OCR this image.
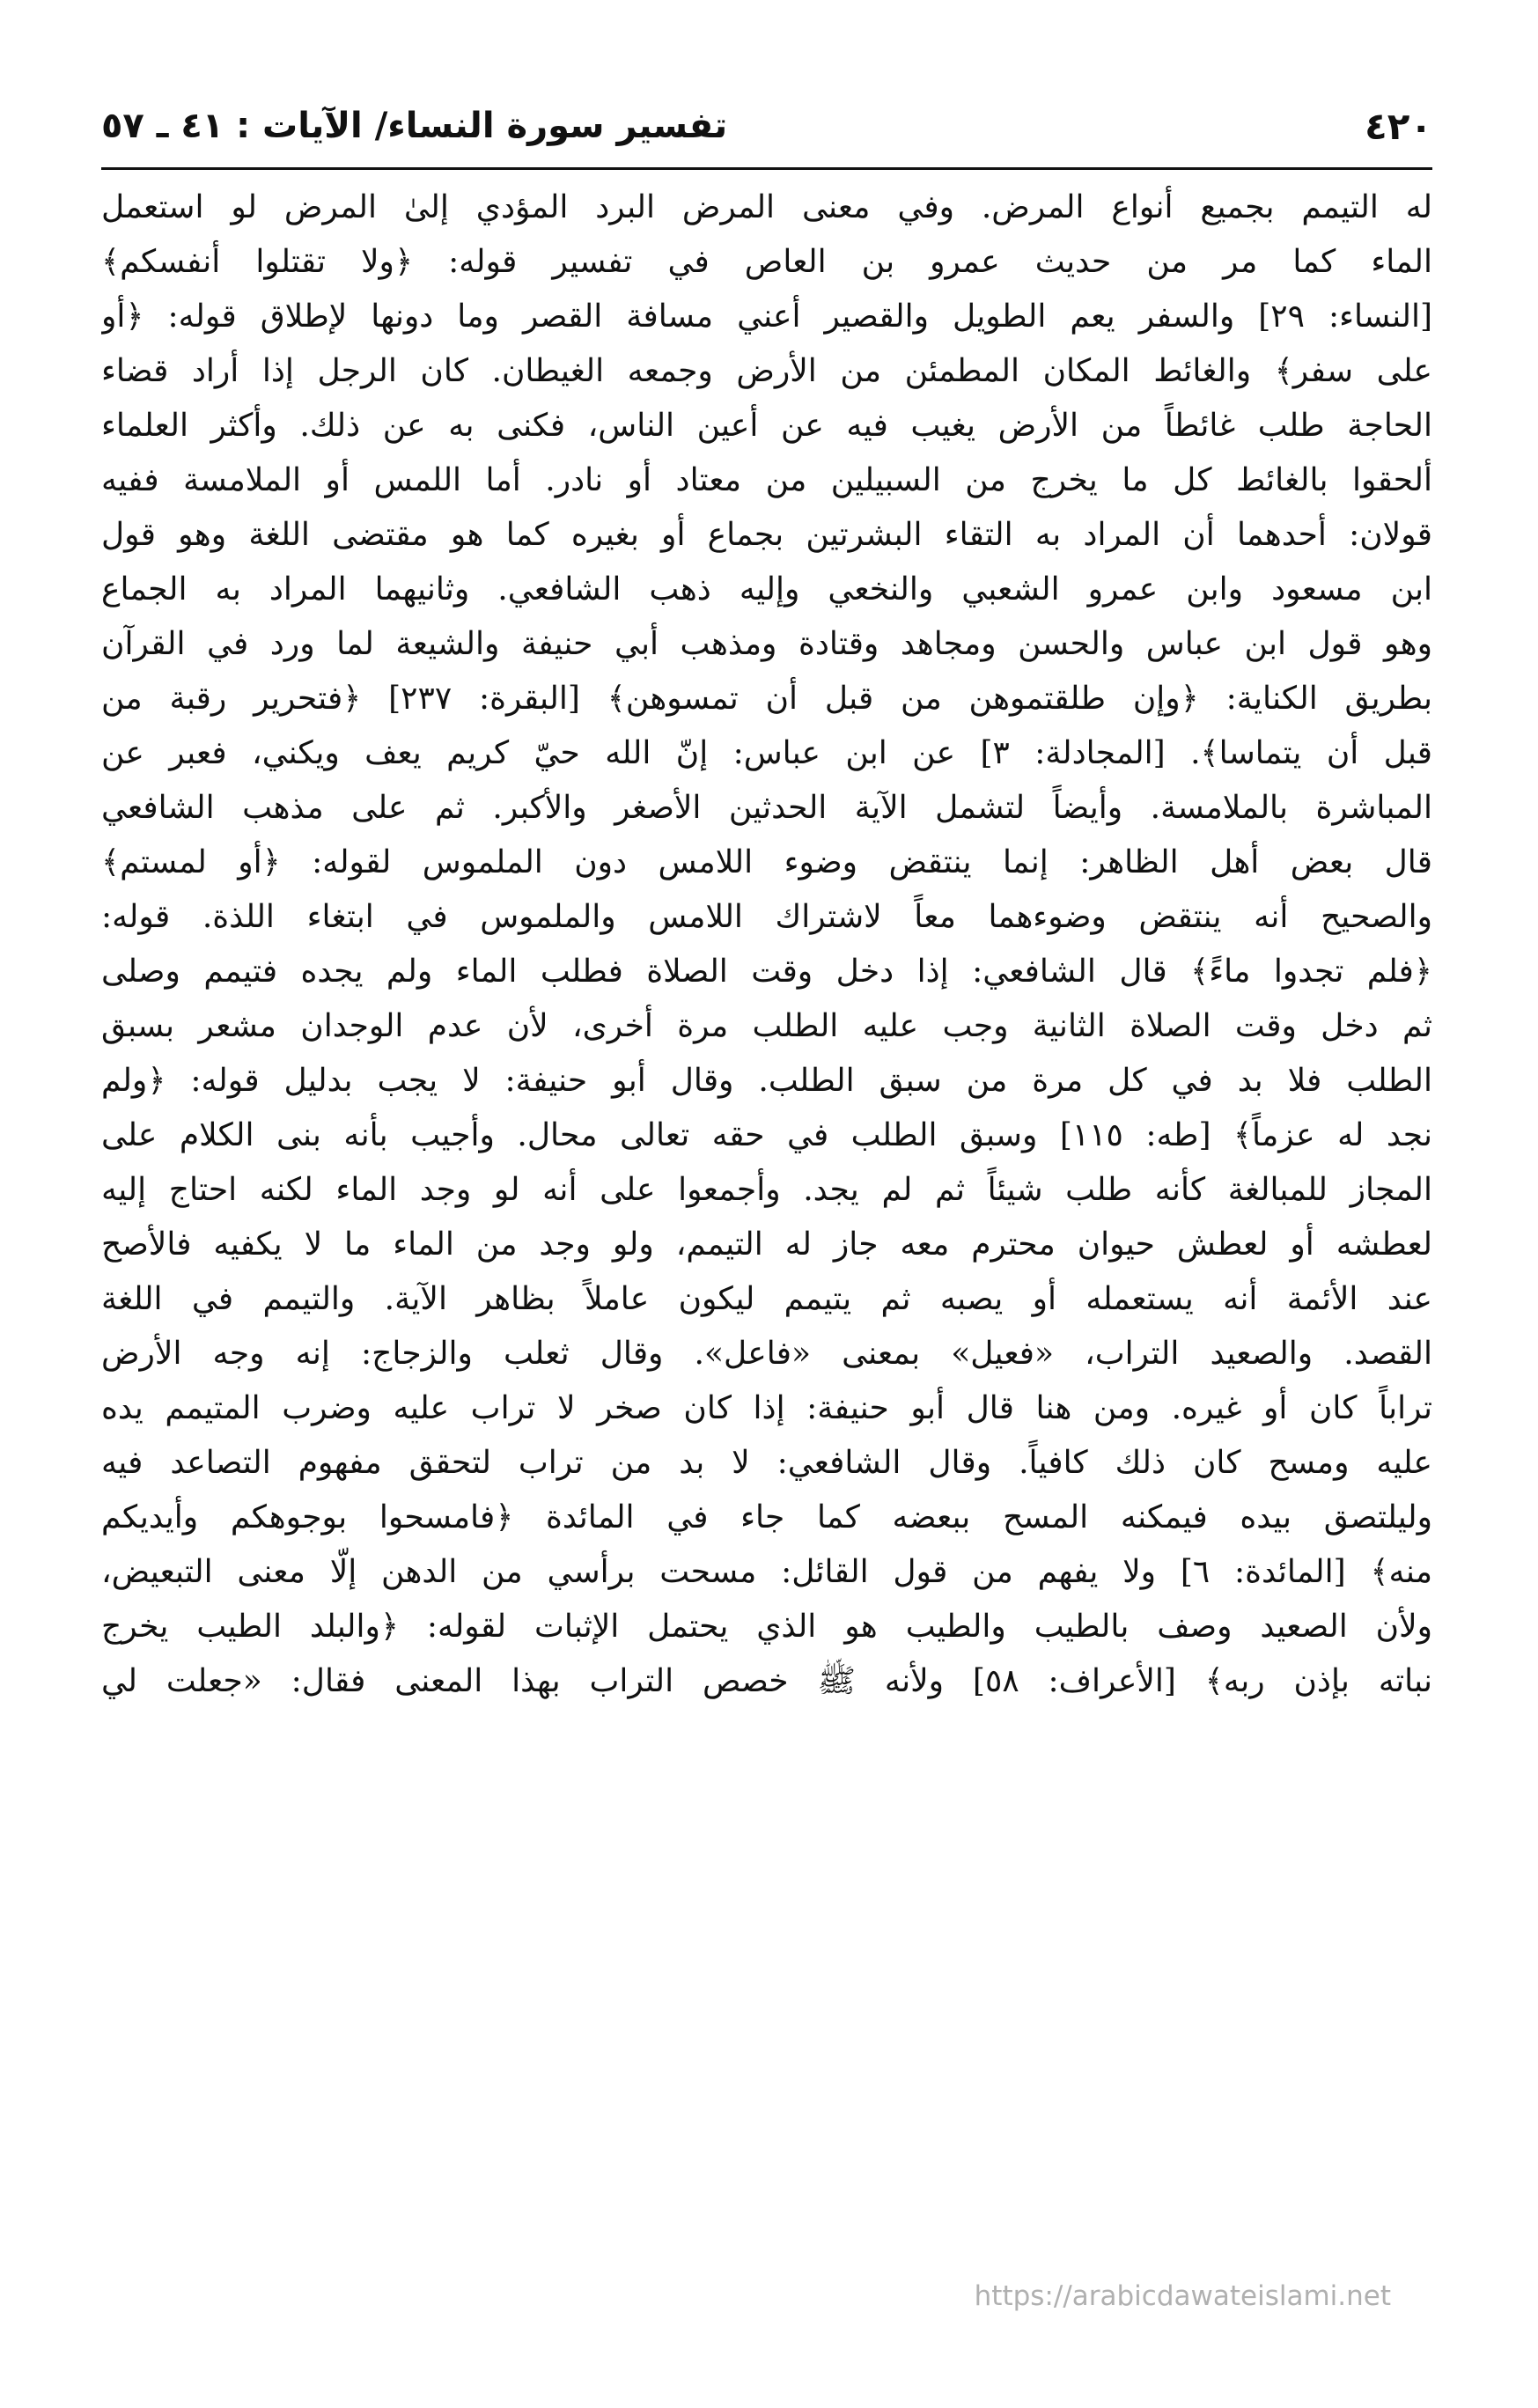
٤٢٠
تفسير سورة النساء/ الآيات : ٤١ ـ ٥٧
له التيمم بجميع أنواع المرض. وفي معنى المرض البرد المؤدي إلىٰ المرض لو استعمل
الماء كما مر من حديث عمرو بن العاص في تفسير قوله: ﴿ولا تقتلوا أنفسكم﴾
[النساء: ٢٩] والسفر يعم الطويل والقصير أعني مسافة القصر وما دونها لإطلاق قوله: ﴿أو
على سفر﴾ والغائط المكان المطمئن من الأرض وجمعه الغيطان. كان الرجل إذا أراد قضاء
الحاجة طلب غائطاً من الأرض يغيب فيه عن أعين الناس، فكنى به عن ذلك. وأكثر العلماء
ألحقوا بالغائط كل ما يخرج من السبيلين من معتاد أو نادر. أما اللمس أو الملامسة ففيه
قولان: أحدهما أن المراد به التقاء البشرتين بجماع أو بغيره كما هو مقتضى اللغة وهو قول
ابن مسعود وابن عمرو الشعبي والنخعي وإليه ذهب الشافعي. وثانيهما المراد به الجماع
وهو قول ابن عباس والحسن ومجاهد وقتادة ومذهب أبي حنيفة والشيعة لما ورد في القرآن
بطريق الكناية: ﴿وإن طلقتموهن من قبل أن تمسوهن﴾ [البقرة: ٢٣٧] ﴿فتحرير رقبة من
قبل أن يتماسا﴾. [المجادلة: ٣] عن ابن عباس: إنّ الله حيّ كريم يعف ويكني، فعبر عن
المباشرة بالملامسة. وأيضاً لتشمل الآية الحدثين الأصغر والأكبر. ثم على مذهب الشافعي
قال بعض أهل الظاهر: إنما ينتقض وضوء اللامس دون الملموس لقوله: ﴿أو لمستم﴾
والصحيح أنه ينتقض وضوءهما معاً لاشتراك اللامس والملموس في ابتغاء اللذة. قوله:
﴿فلم تجدوا ماءً﴾ قال الشافعي: إذا دخل وقت الصلاة فطلب الماء ولم يجده فتيمم وصلى
ثم دخل وقت الصلاة الثانية وجب عليه الطلب مرة أخرى، لأن عدم الوجدان مشعر بسبق
الطلب فلا بد في كل مرة من سبق الطلب. وقال أبو حنيفة: لا يجب بدليل قوله: ﴿ولم
نجد له عزماً﴾ [طه: ١١٥] وسبق الطلب في حقه تعالى محال. وأجيب بأنه بنى الكلام على
المجاز للمبالغة كأنه طلب شيئاً ثم لم يجد. وأجمعوا على أنه لو وجد الماء لكنه احتاج إليه
لعطشه أو لعطش حيوان محترم معه جاز له التيمم، ولو وجد من الماء ما لا يكفيه فالأصح
عند الأئمة أنه يستعمله أو يصبه ثم يتيمم ليكون عاملاً بظاهر الآية. والتيمم في اللغة
القصد. والصعيد التراب، «فعيل» بمعنى «فاعل». وقال ثعلب والزجاج: إنه وجه الأرض
تراباً كان أو غيره. ومن هنا قال أبو حنيفة: إذا كان صخر لا تراب عليه وضرب المتيمم يده
عليه ومسح كان ذلك كافياً. وقال الشافعي: لا بد من تراب لتحقق مفهوم التصاعد فيه
وليلتصق بيده فيمكنه المسح ببعضه كما جاء في المائدة ﴿فامسحوا بوجوهكم وأيديكم
منه﴾ [المائدة: ٦] ولا يفهم من قول القائل: مسحت برأسي من الدهن إلّا معنى التبعيض،
ولأن الصعيد وصف بالطيب والطيب هو الذي يحتمل الإثبات لقوله: ﴿والبلد الطيب يخرج
نباته بإذن ربه﴾ [الأعراف: ٥٨] ولأنه ﷺ خصص التراب بهذا المعنى فقال: «جعلت لي
https://arabicdawateislami.net
